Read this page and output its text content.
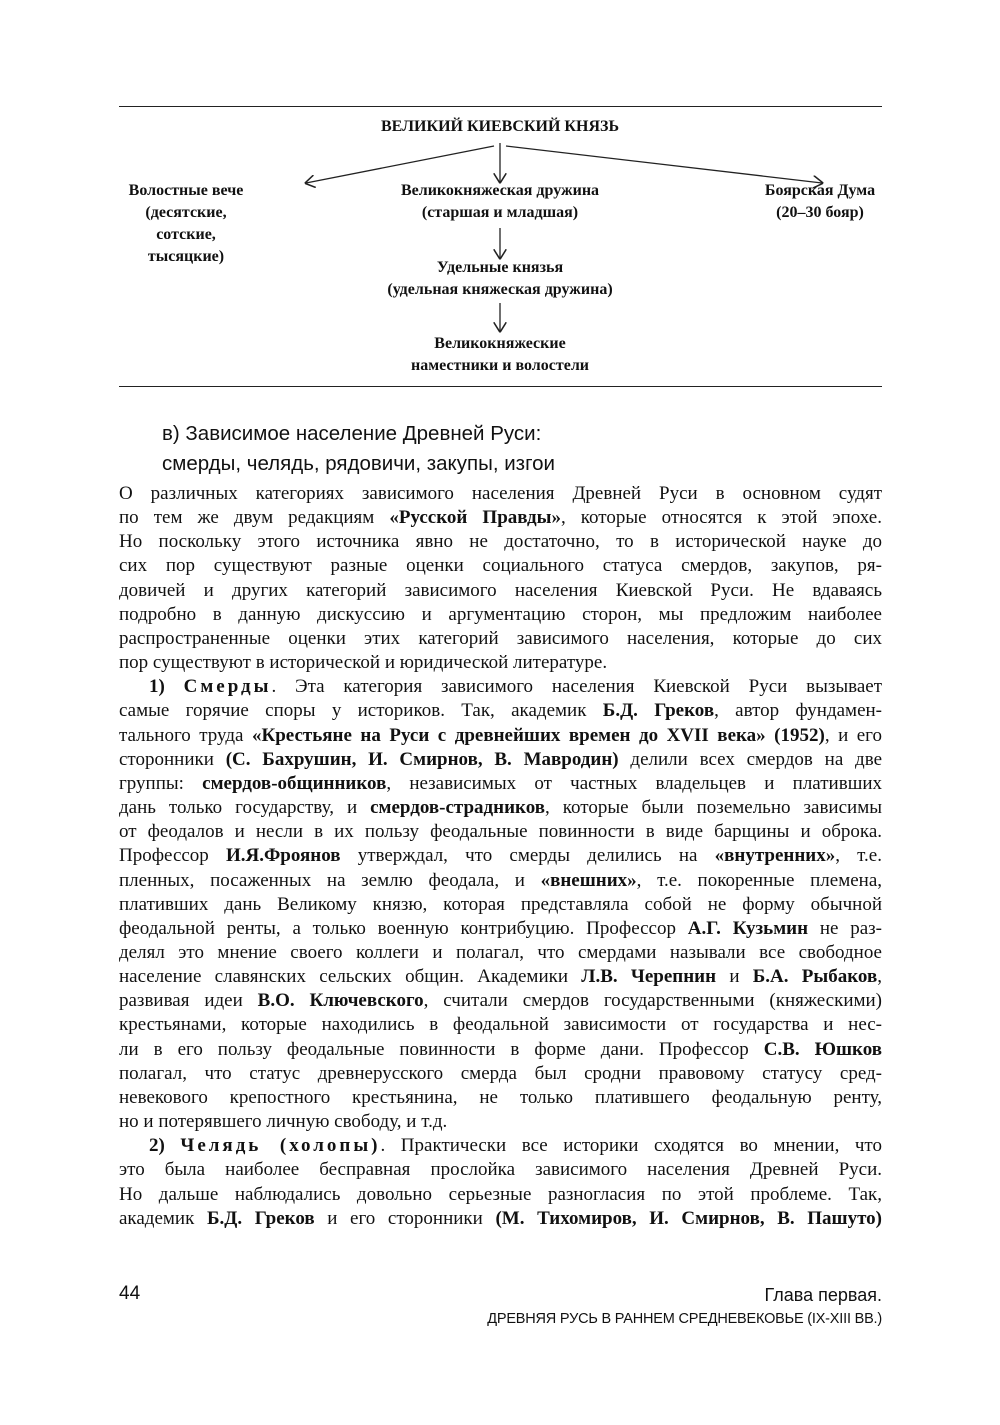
ВЕЛИКИЙ КИЕВСКИЙ КНЯЗЬ
Волостные вече
(десятские,
сотские,
тысяцкие)
Великокняжеская дружина
(старшая и младшая)
Боярская Дума
(20–30 бояр)
Удельные князья
(удельная княжеская дружина)
Великокняжеские
наместники и волостели
в) Зависимое население Древней Руси:
смерды, челядь, рядовичи, закупы, изгои

О различных категориях зависимого населения Древней Руси в основном судят

по тем же двум редакциям «Русской Правды», которые относятся к этой эпохе.

Но поскольку этого источника явно не достаточно, то в исторической науке до

сих пор существуют разные оценки социального статуса смердов, закупов, ря-

довичей и других категорий зависимого населения Киевской Руси. Не вдаваясь

подробно в данную дискуссию и аргументацию сторон, мы предложим наиболее

распространенные оценки этих категорий зависимого населения, которые до сих

пор существуют в исторической и юридической литературе.

1) Смерды. Эта категория зависимого населения Киевской Руси вызывает

самые горячие споры у историков. Так, академик Б.Д. Греков, автор фундамен-

тального труда «Крестьяне на Руси с древнейших времен до XVII века» (1952), и его

сторонники (С. Бахрушин, И. Смирнов, В. Мавродин) делили всех смердов на две

группы: смердов-общинников, независимых от частных владельцев и плативших

дань только государству, и смердов-страдников, которые были поземельно зависимы

от феодалов и несли в их пользу феодальные повинности в виде барщины и оброка.

Профессор И.Я.Фроянов утверждал, что смерды делились на «внутренних», т.е.

пленных, посаженных на землю феодала, и «внешних», т.е. покоренные племена,

плативших дань Великому князю, которая представляла собой не форму обычной

феодальной ренты, а только военную контрибуцию. Профессор А.Г. Кузьмин не раз-

делял это мнение своего коллеги и полагал, что смердами называли все свободное

население славянских сельских общин. Академики Л.В. Черепнин и Б.А. Рыбаков,

развивая идеи В.О. Ключевского, считали смердов государственными (княжескими)

крестьянами, которые находились в феодальной зависимости от государства и нес-

ли в его пользу феодальные повинности в форме дани. Профессор С.В. Юшков

полагал, что статус древнерусского смерда был сродни правовому статусу сред-

невекового крепостного крестьянина, не только платившего феодальную ренту,

но и потерявшего личную свободу, и т.д.

2) Челядь (холопы). Практически все историки сходятся во мнении, что

это была наиболее бесправная прослойка зависимого населения Древней Руси.

Но дальше наблюдались довольно серьезные разногласия по этой проблеме. Так,

академик Б.Д. Греков и его сторонники (М. Тихомиров, И. Смирнов, В. Пашуто)

44	Глава первая.
ДРЕВНЯЯ РУСЬ В РАННЕМ СРЕДНЕВЕКОВЬЕ (IX-XIII ВВ.)
